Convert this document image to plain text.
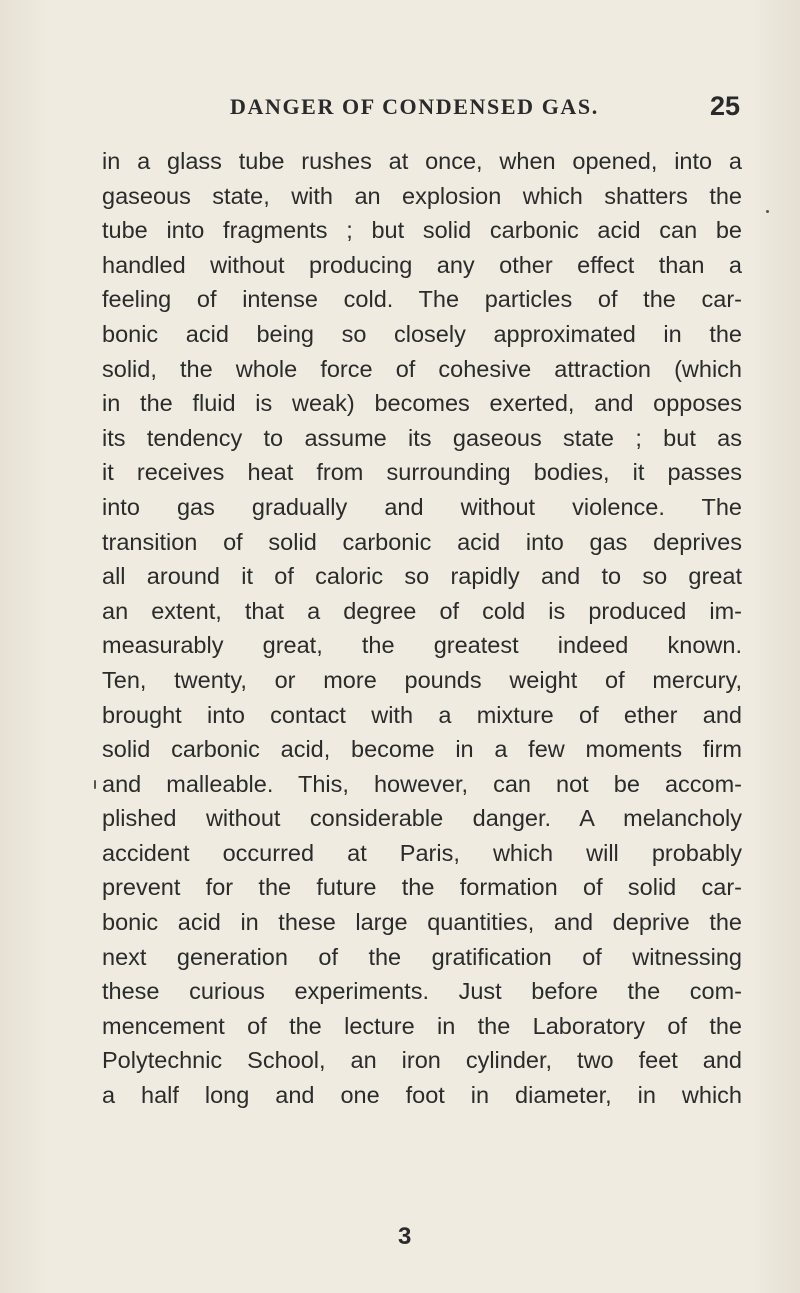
DANGER OF CONDENSED GAS.	25
in a glass tube rushes at once, when opened, into a
gaseous state, with an explosion which shatters the
tube into fragments ; but solid carbonic acid can be
handled without producing any other effect than a
feeling of intense cold. The particles of the car-
bonic acid being so closely approximated in the
solid, the whole force of cohesive attraction (which
in the fluid is weak) becomes exerted, and opposes
its tendency to assume its gaseous state ; but as
it receives heat from surrounding bodies, it passes
into gas gradually and without violence. The
transition of solid carbonic acid into gas deprives
all around it of caloric so rapidly and to so great
an extent, that a degree of cold is produced im-
measurably great, the greatest indeed known.
Ten, twenty, or more pounds weight of mercury,
brought into contact with a mixture of ether and
solid carbonic acid, become in a few moments firm
and malleable. This, however, can not be accom-
plished without considerable danger. A melancholy
accident occurred at Paris, which will probably
prevent for the future the formation of solid car-
bonic acid in these large quantities, and deprive the
next generation of the gratification of witnessing
these curious experiments. Just before the com-
mencement of the lecture in the Laboratory of the
Polytechnic School, an iron cylinder, two feet and
a half long and one foot in diameter, in which
3
